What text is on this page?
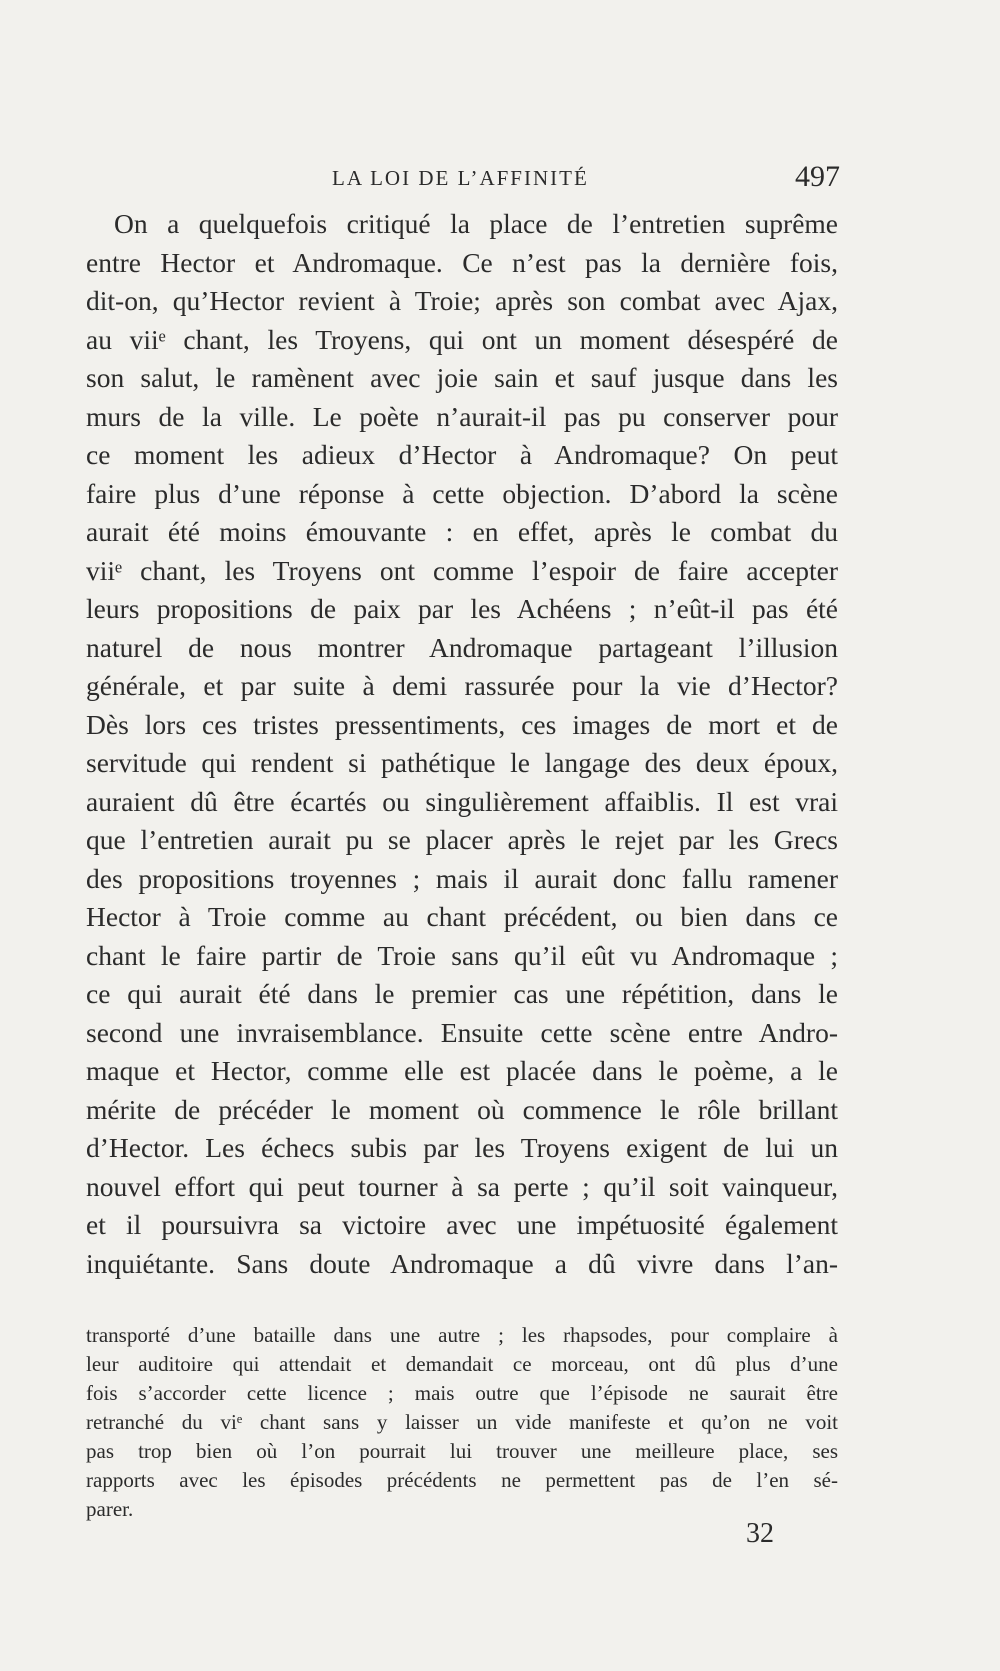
LA LOI DE L’AFFINITÉ	497
On a quelquefois critiqué la place de l’entretien suprême
entre Hector et Andromaque. Ce n’est pas la dernière fois,
dit-on, qu’Hector revient à Troie; après son combat avec Ajax,
au viiᵉ chant, les Troyens, qui ont un moment désespéré de
son salut, le ramènent avec joie sain et sauf jusque dans les
murs de la ville. Le poète n’aurait-il pas pu conserver pour
ce moment les adieux d’Hector à Andromaque? On peut
faire plus d’une réponse à cette objection. D’abord la scène
aurait été moins émouvante : en effet, après le combat du
viiᵉ chant, les Troyens ont comme l’espoir de faire accepter
leurs propositions de paix par les Achéens ; n’eût-il pas été
naturel de nous montrer Andromaque partageant l’illusion
générale, et par suite à demi rassurée pour la vie d’Hector?
Dès lors ces tristes pressentiments, ces images de mort et de
servitude qui rendent si pathétique le langage des deux époux,
auraient dû être écartés ou singulièrement affaiblis. Il est vrai
que l’entretien aurait pu se placer après le rejet par les Grecs
des propositions troyennes ; mais il aurait donc fallu ramener
Hector à Troie comme au chant précédent, ou bien dans ce
chant le faire partir de Troie sans qu’il eût vu Andromaque ;
ce qui aurait été dans le premier cas une répétition, dans le
second une invraisemblance. Ensuite cette scène entre Andro-
maque et Hector, comme elle est placée dans le poème, a le
mérite de précéder le moment où commence le rôle brillant
d’Hector. Les échecs subis par les Troyens exigent de lui un
nouvel effort qui peut tourner à sa perte ; qu’il soit vainqueur,
et il poursuivra sa victoire avec une impétuosité également
inquiétante. Sans doute Andromaque a dû vivre dans l’an-
transporté d’une bataille dans une autre ; les rhapsodes, pour complaire à
leur auditoire qui attendait et demandait ce morceau, ont dû plus d’une
fois s’accorder cette licence ; mais outre que l’épisode ne saurait être
retranché du viᵉ chant sans y laisser un vide manifeste et qu’on ne voit
pas trop bien où l’on pourrait lui trouver une meilleure place, ses
rapports avec les épisodes précédents ne permettent pas de l’en sé-
parer.
32
